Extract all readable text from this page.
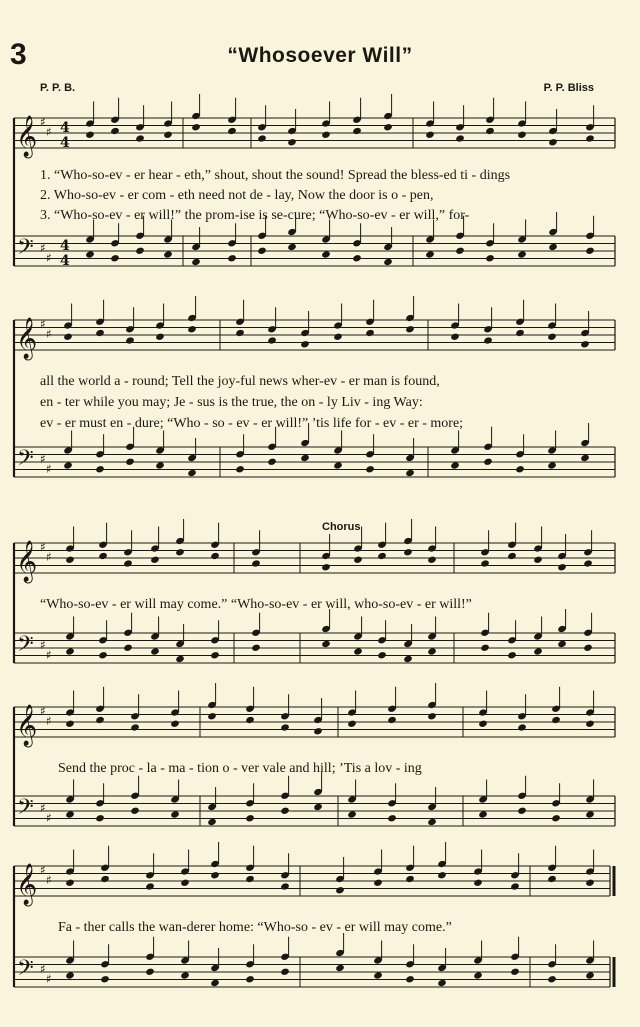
3	“Whosoever Will”
P. P. B.	P. P. Bliss
Chorus
𝄞
𝄢
♯
♯
♯
♯
4
4
4
4
𝄞
𝄢
♯
♯
♯
♯
𝄞
𝄢
♯
♯
♯
♯
𝄞
𝄢
♯
♯
♯
♯
𝄞
𝄢
♯
♯
♯
♯
1. “Who-so-ev - er hear - eth,” shout, shout the sound! Spread the bless-ed ti - dings
2. Who-so-ev - er com - eth need not de - lay, Now the door is o - pen,
3. “Who-so-ev - er will!” the prom-ise is se-cure; “Who-so-ev - er will,” for-
all the world a - round; Tell the joy-ful news wher-ev - er man is found,
en - ter while you may; Je - sus is the true, the on - ly Liv - ing Way:
ev - er must en - dure; “Who - so - ev - er will!” ’tis life for - ev - er - more;
“Who-so-ev - er will may come.” “Who-so-ev - er will, who-so-ev - er will!”
Send the proc - la - ma - tion o - ver vale and hill; ’Tis a lov - ing
Fa - ther calls the wan-derer home: “Who-so - ev - er will may come.”
